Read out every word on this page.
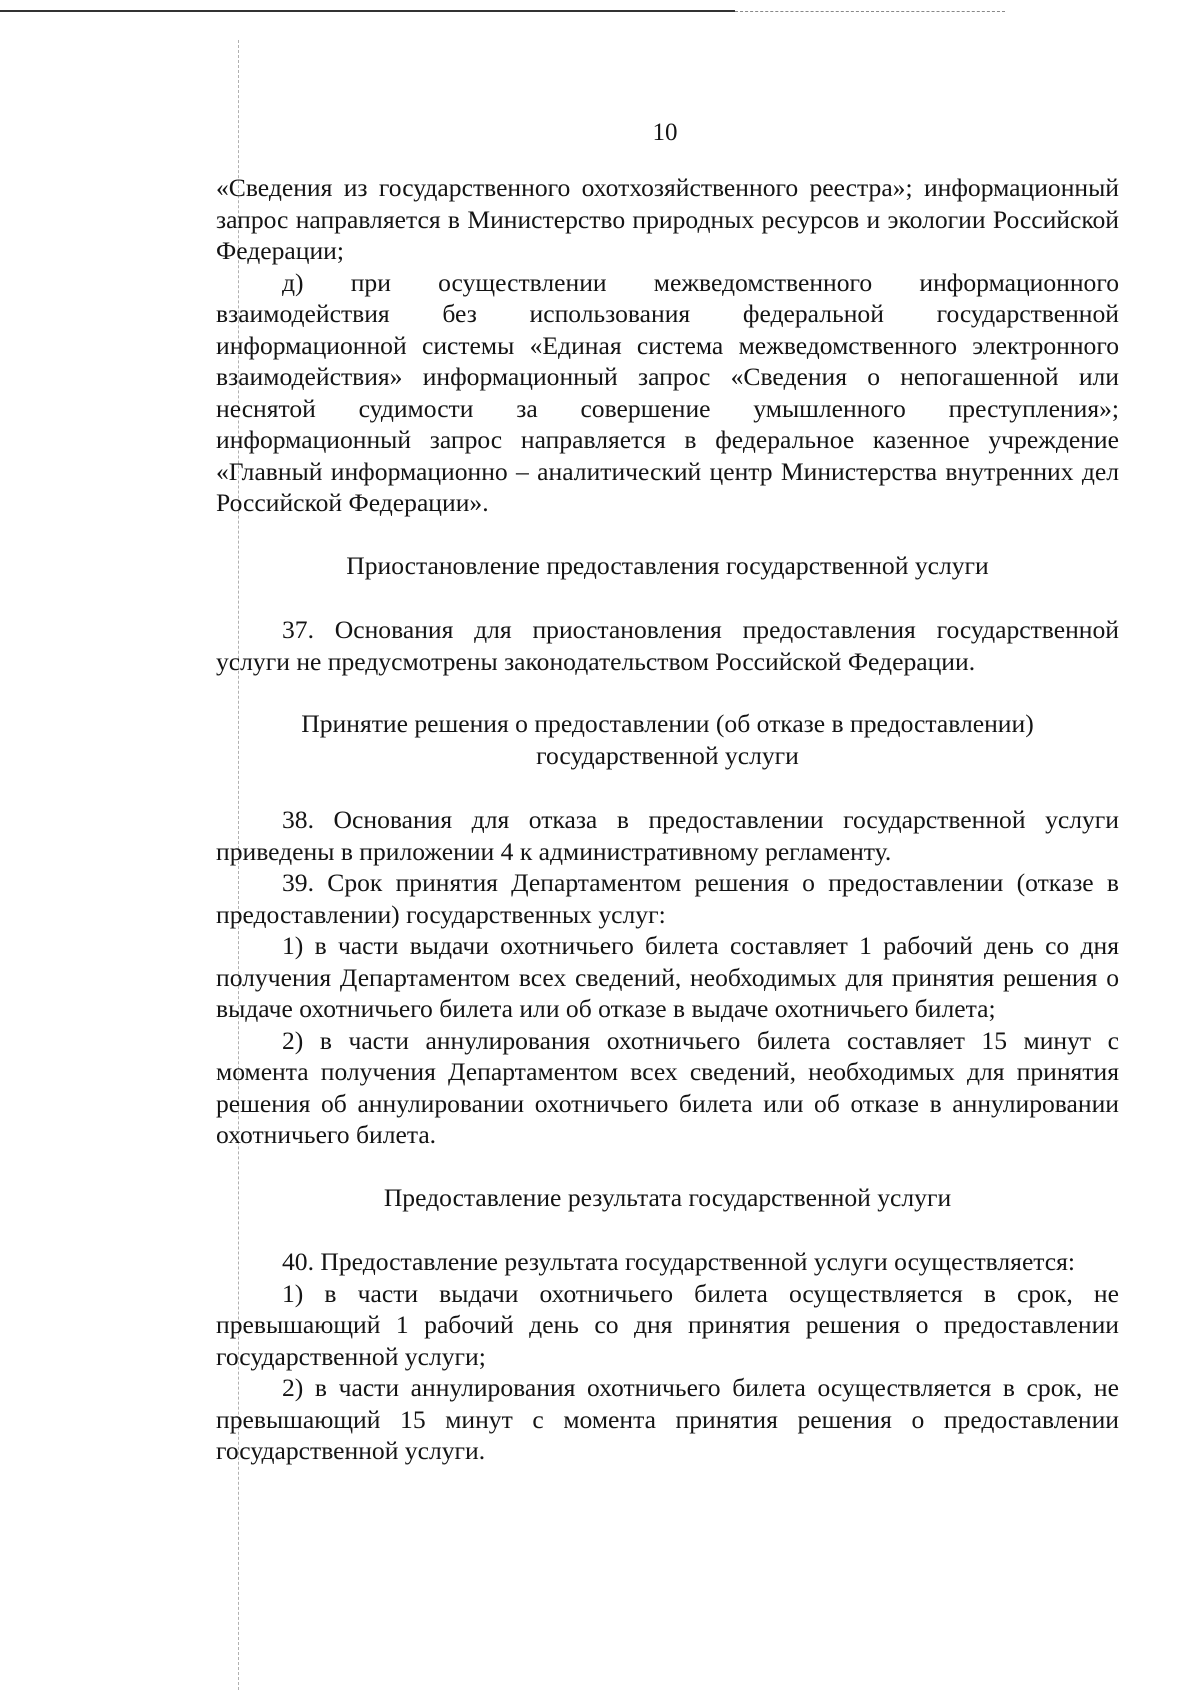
10

«Сведения из государственного охотхозяйственного реестра»; информационный запрос направляется в Министерство природных ресурсов и экологии Российской Федерации;

д) при осуществлении межведомственного информационного взаимодействия без использования федеральной государственной информационной системы «Единая система межведомственного электронного взаимодействия» информационный запрос «Сведения о непогашенной или неснятой судимости за совершение умышленного преступления»; информационный запрос направляется в федеральное казенное учреждение «Главный информационно – аналитический центр Министерства внутренних дел Российской Федерации».

Приостановление предоставления государственной услуги

37. Основания для приостановления предоставления государственной услуги не предусмотрены законодательством Российской Федерации.

Принятие решения о предоставлении (об отказе в предоставлении)
государственной услуги

38. Основания для отказа в предоставлении государственной услуги приведены в приложении 4 к административному регламенту.

39. Срок принятия Департаментом решения о предоставлении (отказе в предоставлении) государственных услуг:

1) в части выдачи охотничьего билета составляет 1 рабочий день со дня получения Департаментом всех сведений, необходимых для принятия решения о выдаче охотничьего билета или об отказе в выдаче охотничьего билета;

2) в части аннулирования охотничьего билета составляет 15 минут с момента получения Департаментом всех сведений, необходимых для принятия решения об аннулировании охотничьего билета или об отказе в аннулировании охотничьего билета.

Предоставление результата государственной услуги

40. Предоставление результата государственной услуги осуществляется:

1) в части выдачи охотничьего билета осуществляется в срок, не превышающий 1 рабочий день со дня принятия решения о предоставлении государственной услуги;

2) в части аннулирования охотничьего билета осуществляется в срок, не превышающий 15 минут с момента принятия решения о предоставлении государственной услуги.
